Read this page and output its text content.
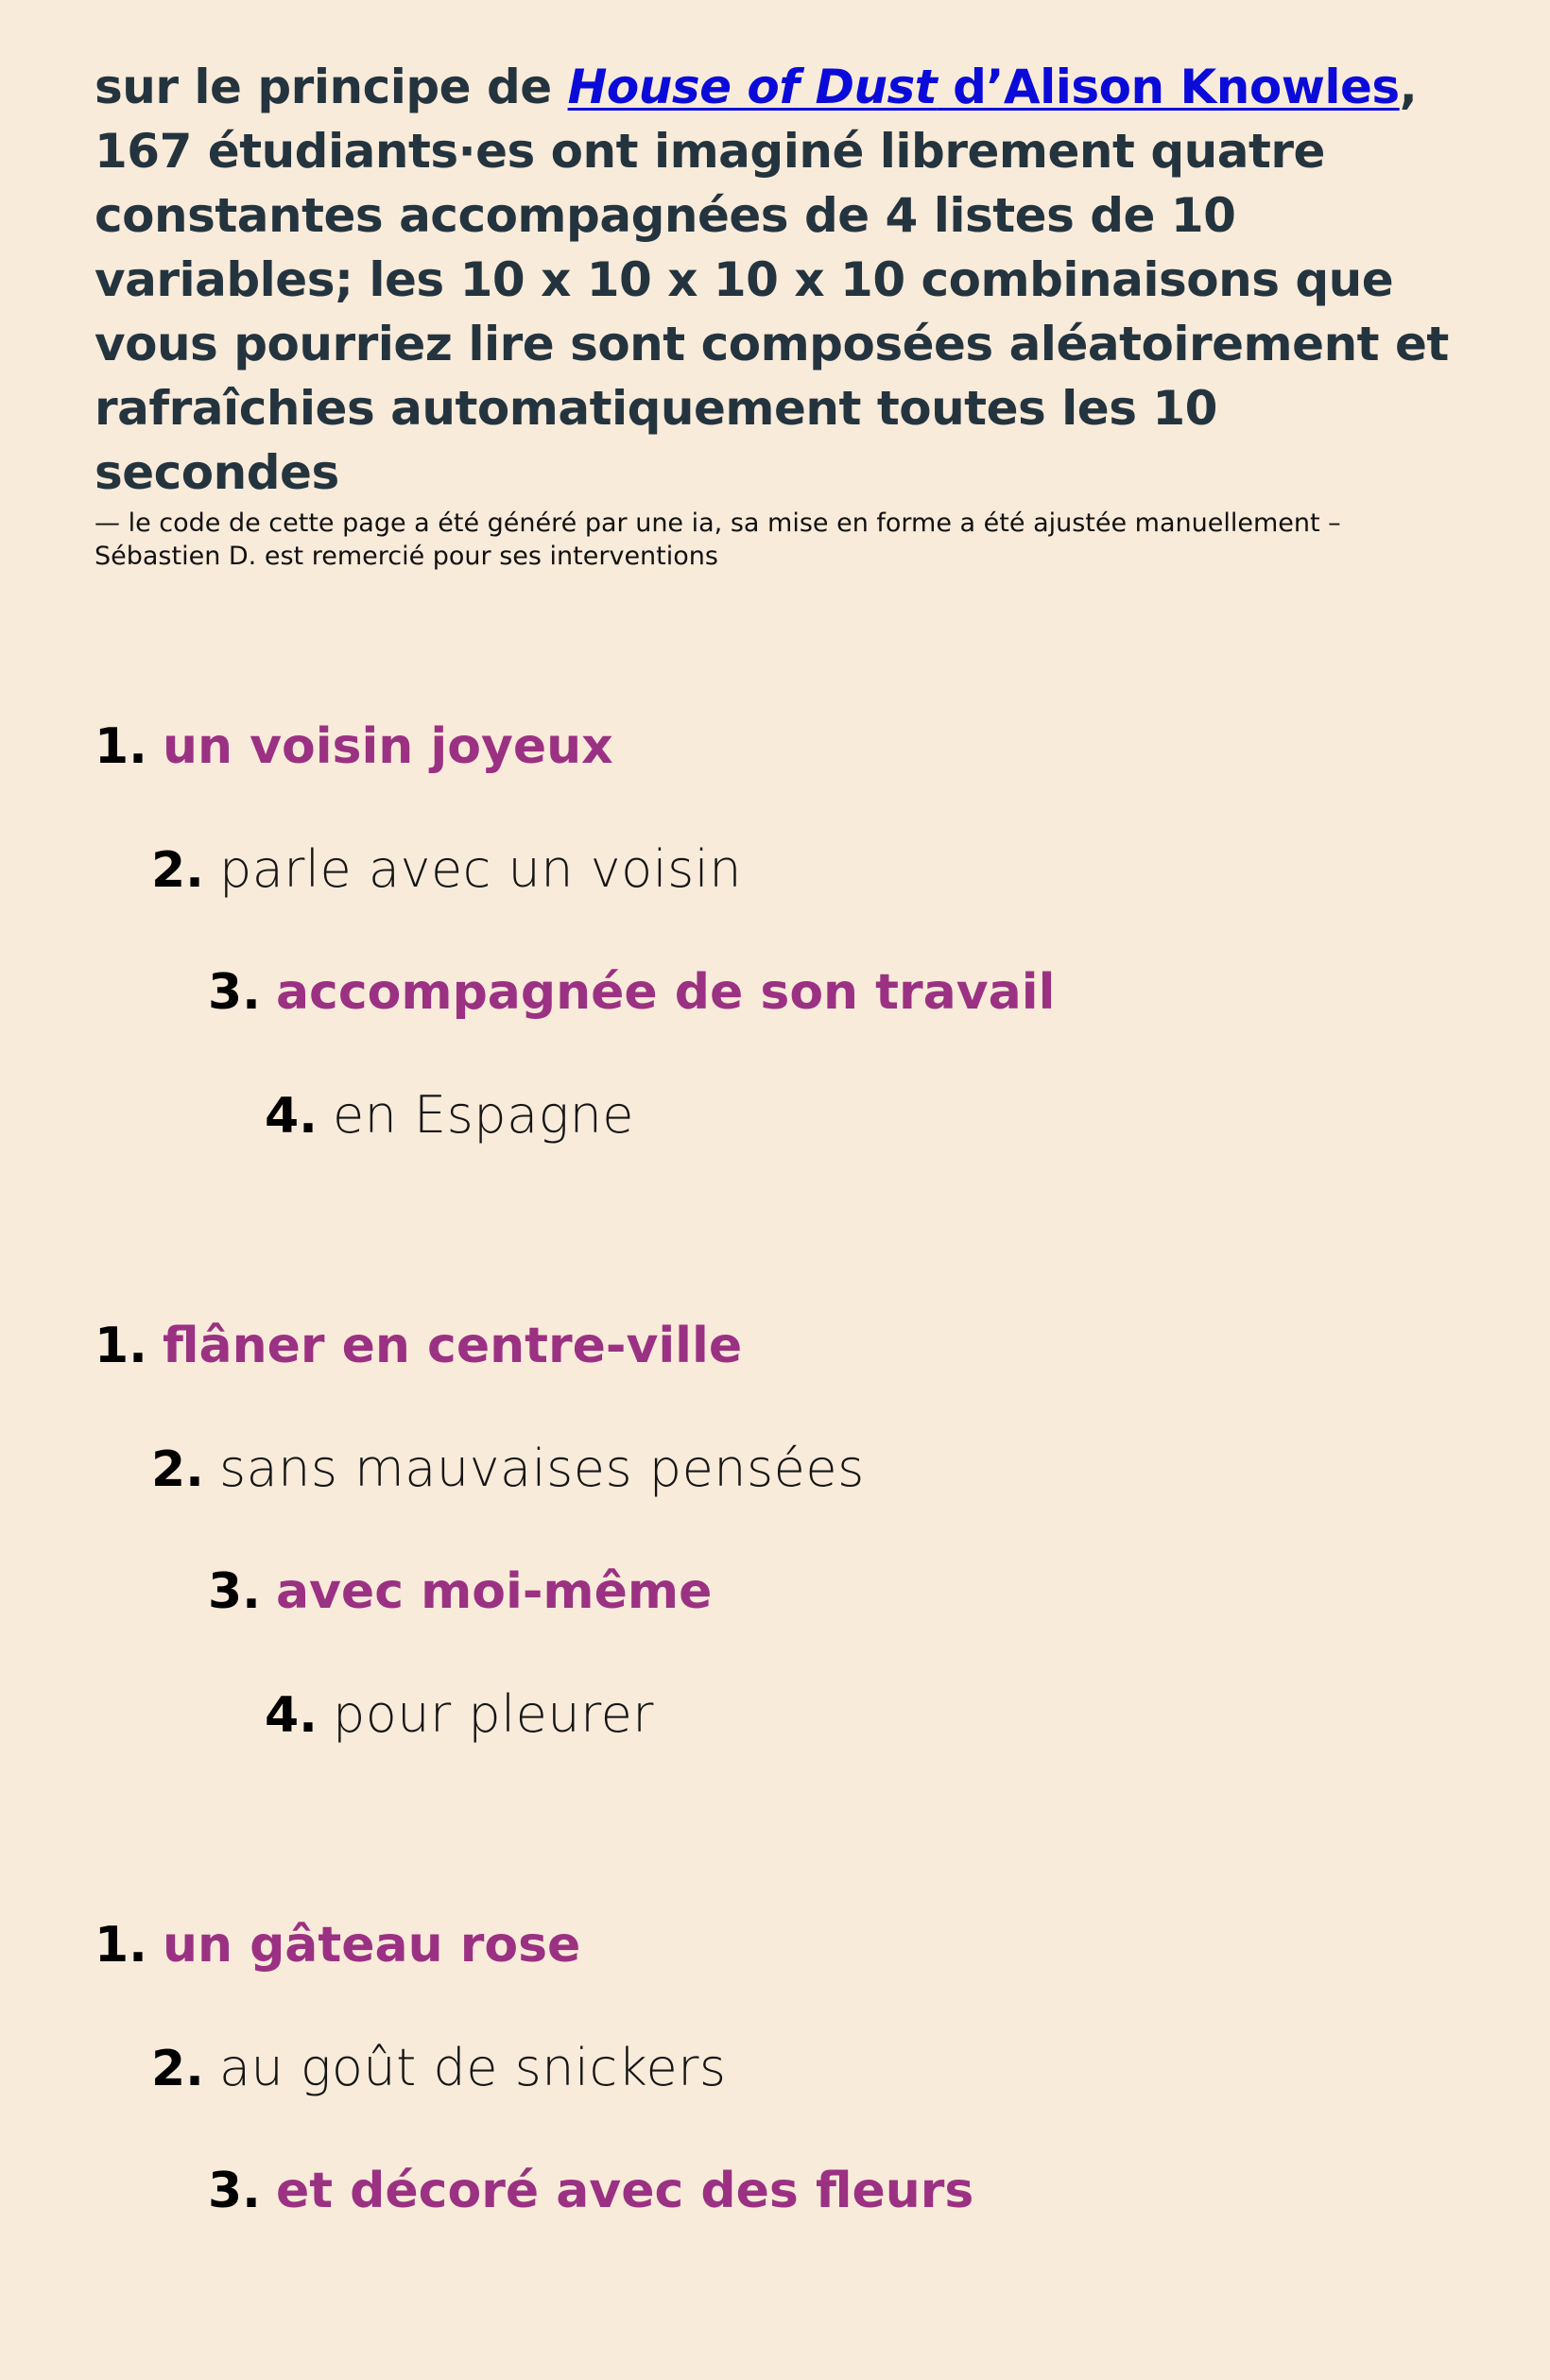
sur le principe de House of Dust d’Alison Knowles, 167 étudiants·es ont imaginé librement quatre constantes accompagnées de 4 listes de 10 variables; les 10 x 10 x 10 x 10 combinaisons que vous pourriez lire sont composées aléatoirement et rafraîchies automatiquement toutes les 10 secondes

— le code de cette page a été généré par une ia, sa mise en forme a été ajustée manuellement – Sébastien D. est remercié pour ses interventions

1. un voisin joyeux
2. parle avec un voisin
3. accompagnée de son travail
4. en Espagne
1. flâner en centre-ville
2. sans mauvaises pensées
3. avec moi-même
4. pour pleurer
1. un gâteau rose
2. au goût de snickers
3. et décoré avec des fleurs
